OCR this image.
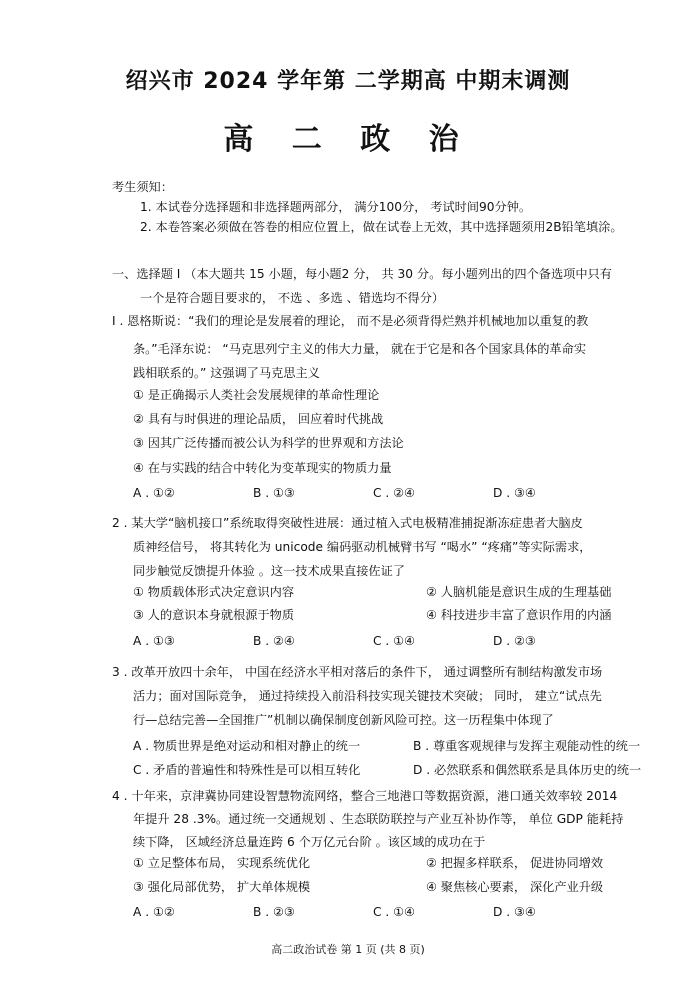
绍兴市 2024 学年第 二学期高 中期末调测
高 二 政 治
考生须知：
1. 本试卷分选择题和非选择题两部分， 满分100分， 考试时间90分钟。
2. 本卷答案必须做在答卷的相应位置上，做在试卷上无效，其中选择题须用2B铅笔填涂。
一、选择题 I （本大题共 15 小题，每小题2 分， 共 30 分。每小题列出的四个备选项中只有
一个是符合题目要求的， 不选 、多选 、错选均不得分）
I . 恩格斯说：“我们的理论是发展着的理论， 而不是必须背得烂熟并机械地加以重复的教
条。”毛泽东说： “马克思列宁主义的伟大力量， 就在于它是和各个国家具体的革命实
践相联系的。” 这强调了马克思主义
① 是正确揭示人类社会发展规律的革命性理论
② 具有与时俱进的理论品质， 回应着时代挑战
③ 因其广泛传播而被公认为科学的世界观和方法论
④ 在与实践的结合中转化为变革现实的物质力量
A . ①②	B . ①③	C . ②④	D . ③④
2 . 某大学“脑机接口”系统取得突破性进展：通过植入式电极精准捕捉渐冻症患者大脑皮
质神经信号， 将其转化为 unicode 编码驱动机械臂书写 “喝水” “疼痛”等实际需求，
同步触觉反馈提升体验 。这一技术成果直接佐证了
① 物质载体形式决定意识内容	② 人脑机能是意识生成的生理基础
③ 人的意识本身就根源于物质	④ 科技进步丰富了意识作用的内涵
A . ①③	B . ②④	C . ①④	D . ②③
3 . 改革开放四十余年， 中国在经济水平相对落后的条件下， 通过调整所有制结构激发市场
活力；面对国际竞争， 通过持续投入前沿科技实现关键技术突破； 同时， 建立“试点先
行—总结完善—全国推广”机制以确保制度创新风险可控。这一历程集中体现了
A . 物质世界是绝对运动和相对静止的统一	B . 尊重客观规律与发挥主观能动性的统一
C . 矛盾的普遍性和特殊性是可以相互转化	D . 必然联系和偶然联系是具体历史的统一
4 . 十年来，京津冀协同建设智慧物流网络，整合三地港口等数据资源，港口通关效率较 2014
年提升 28 .3%。通过统一交通规划 、生态联防联控与产业互补协作等， 单位 GDP 能耗持
续下降， 区域经济总量连跨 6 个万亿元台阶 。该区域的成功在于
① 立足整体布局， 实现系统优化	② 把握多样联系， 促进协同增效
③ 强化局部优势， 扩大单体规模	④ 聚焦核心要素， 深化产业升级
A . ①②	B . ②③	C . ①④	D . ③④
高二政治试卷 第 1 页 (共 8 页)
